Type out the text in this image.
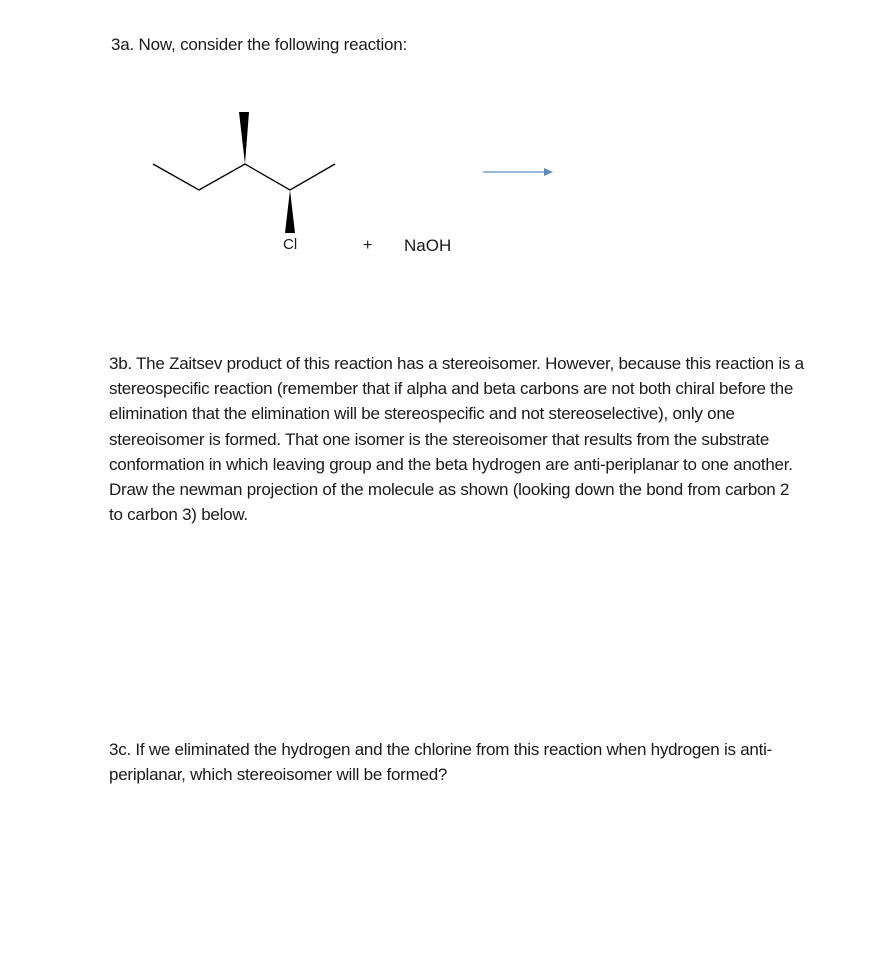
3a. Now, consider the following reaction:
Cl	+ NaOH
3b. The Zaitsev product of this reaction has a stereoisomer. However, because this reaction is a
stereospecific reaction (remember that if alpha and beta carbons are not both chiral before the
elimination that the elimination will be stereospecific and not stereoselective), only one
stereoisomer is formed. That one isomer is the stereoisomer that results from the substrate
conformation in which leaving group and the beta hydrogen are anti-periplanar to one another.
Draw the newman projection of the molecule as shown (looking down the bond from carbon 2
to carbon 3) below.
3c. If we eliminated the hydrogen and the chlorine from this reaction when hydrogen is anti-
periplanar, which stereoisomer will be formed?
